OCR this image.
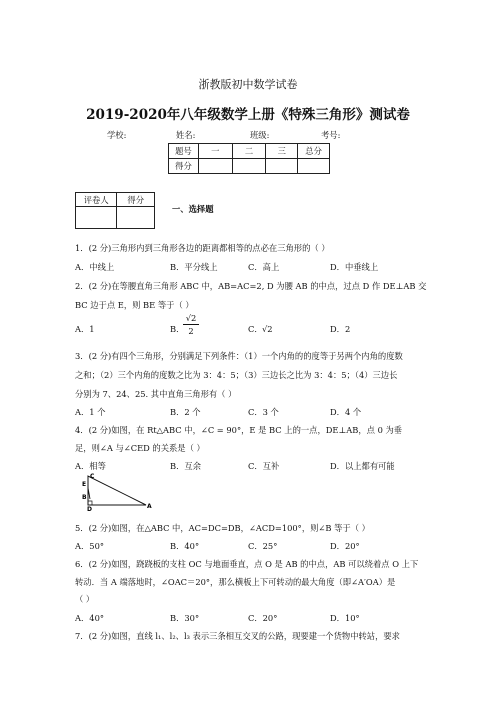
浙教版初中数学试卷
2019-2020年八年级数学上册《特殊三角形》测试卷
学校:	姓名:	班级:	考号:
题号	一	二	三	总分
得分				
评卷人	得分

一、选择题
1．(2 分)三角形内到三角形各边的距离都相等的点必在三角形的（ ）
A．中线上	B．平分线上	C．高上	D．中垂线上
2．(2 分)在等腰直角三角形 ABC 中，AB=AC=2, D 为腰 AB 的中点，过点 D 作 DE⊥AB 交
BC 边于点 E，则 BE 等于（ ）
A．1	B．
$\frac{√2}{2}$	C． √2	D．2
3．(2 分)有四个三角形，分别满足下列条件：（1）一个内角的的度等于另两个内角的度数
之和；（2）三个内角的度数之比为 3：4：5；（3）三边长之比为 3：4：5；（4）三边长
分别为 7、24、25. 其中直角三角形有（ ）
A．1 个	B．2 个	C．3 个	D．4 个
4．(2 分)如图，在 Rt△ABC 中，∠C = 90°，E 是 BC 上的一点，DE⊥AB，点 0 为垂
足，则∠A 与∠CED 的关系是（ ）
A．相等	B．互余	C．互补	D．以上都有可能
C
E
B
D	A
5．(2 分)如图，在△ABC 中，AC=DC=DB，∠ACD=100°，则∠B 等于（ ）
A．50°	B．40°	C．25°	D．20°
6．(2 分)如图，跷跷板的支柱 OC 与地面垂直，点 O 是 AB 的中点，AB 可以绕着点 O 上下
转动．当 A 端落地时，∠OAC＝20°，那么横板上下可转动的最大角度（即∠A′OA）是
（ ）
A．40°	B．30°	C．20°	D．10°
7．(2 分)如图，直线 l₁、l₂、l₃ 表示三条相互交叉的公路，现要建一个货物中转站，要求
